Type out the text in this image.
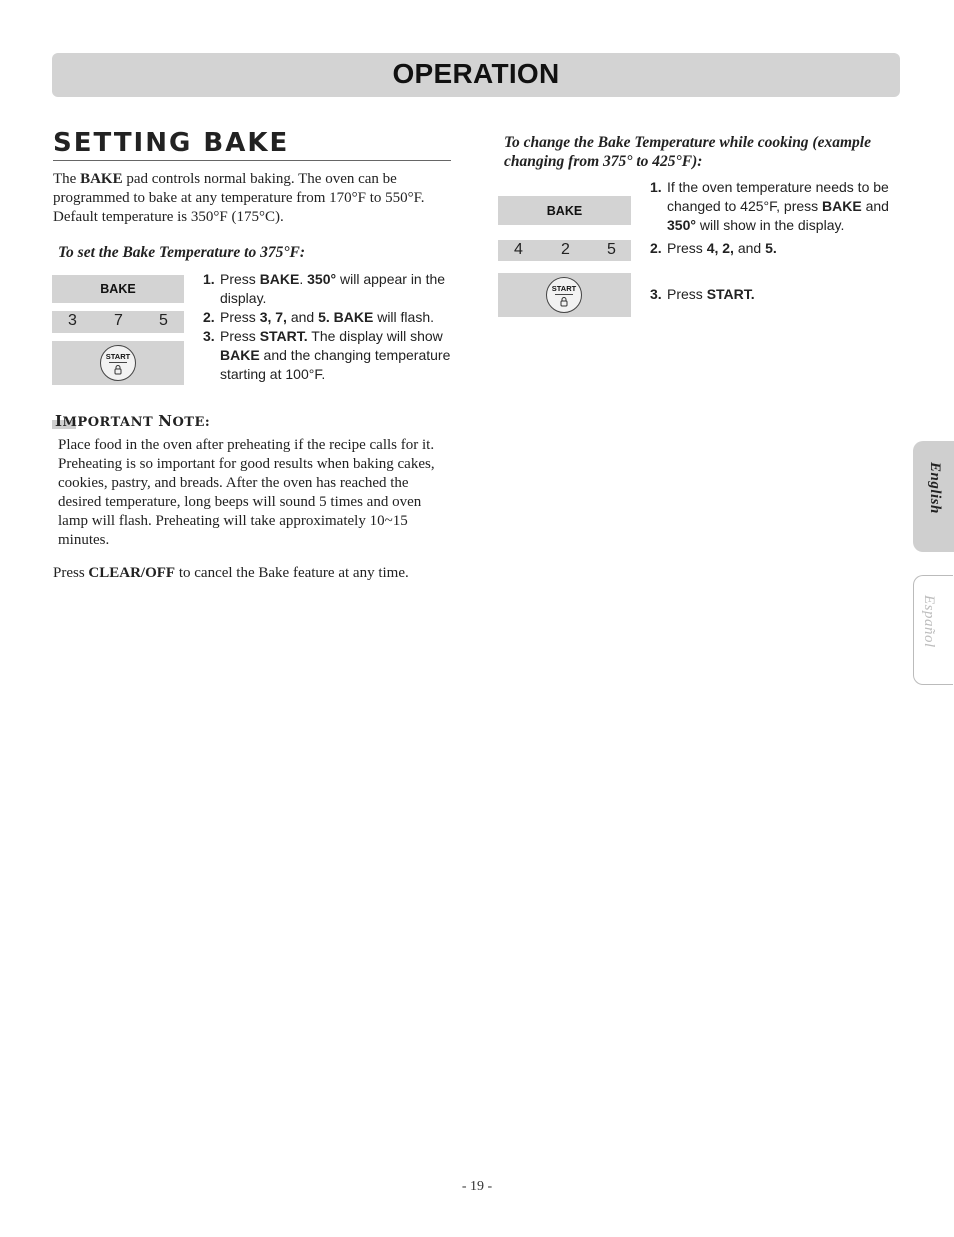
OPERATION
SETTING BAKE
The BAKE pad controls normal baking. The oven can be programmed to bake at any temperature from 170°F to 550°F. Default temperature is 350°F (175°C).
To set the Bake Temperature to 375°F:
BAKE
3 7 5
START
1. Press BAKE. 350° will appear in the display.
2. Press 3, 7, and 5. BAKE will flash.
3. Press START. The display will show BAKE and the changing temperature starting at 100°F.
IMPORTANT NOTE:
Place food in the oven after preheating if the recipe calls for it. Preheating is so important for good results when baking cakes, cookies, pastry, and breads. After the oven has reached the desired temperature, long beeps will sound 5 times and oven lamp will flash. Preheating will take approximately 10~15 minutes.
Press CLEAR/OFF to cancel the Bake feature at any time.
To change the Bake Temperature while cooking (example changing from 375° to 425°F):
BAKE
4 2 5
START
1. If the oven temperature needs to be changed to 425°F, press BAKE and 350° will show in the display.
2. Press 4, 2, and 5.
3. Press START.
English
Español
- 19 -
